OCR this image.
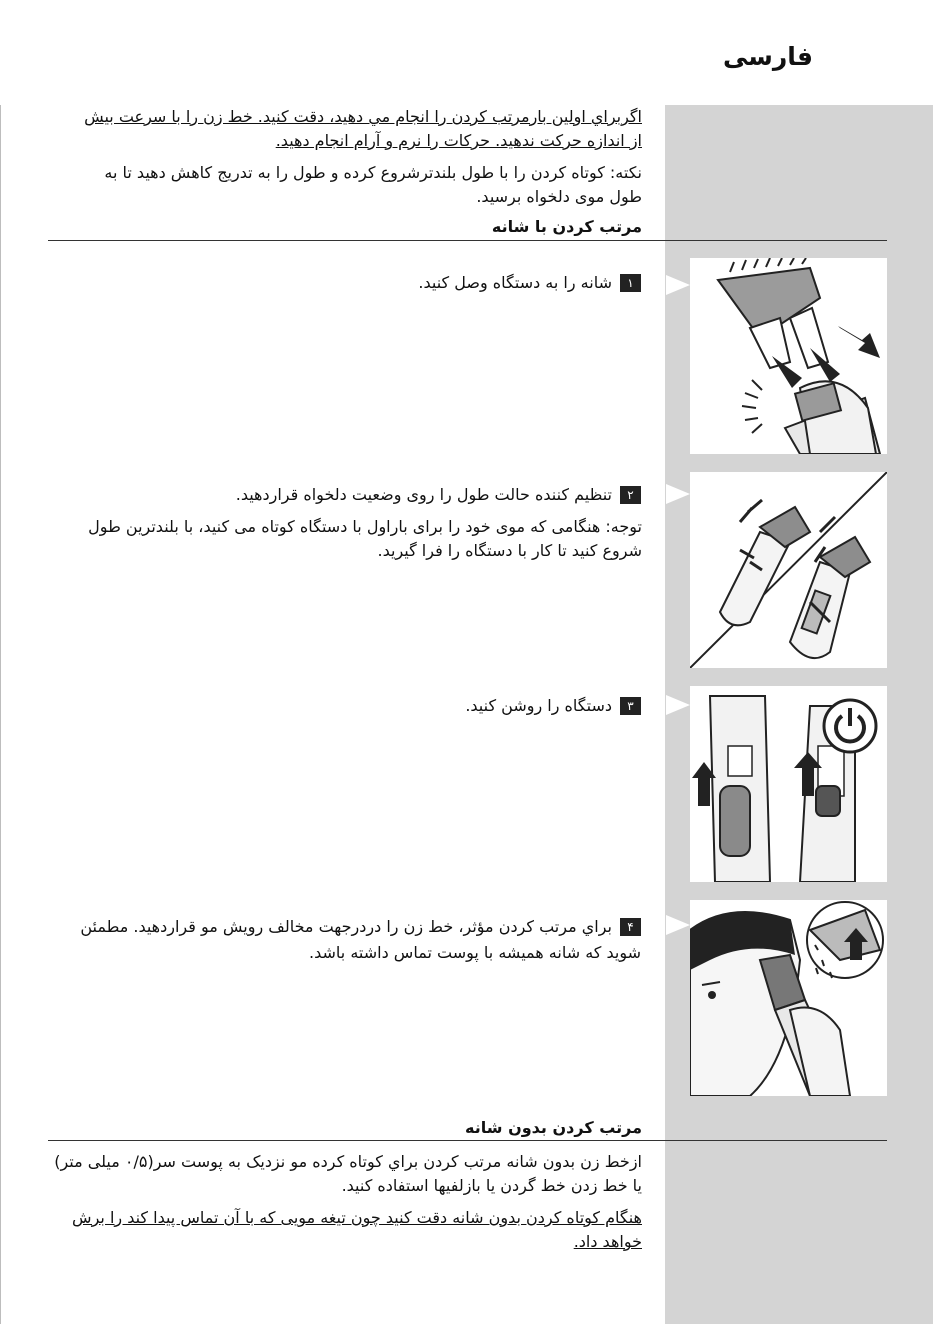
فارسی
اگربراي اولين بارمرتب كردن را انجام مي دهيد، دقت كنيد. خط زن را با سرعت بيش از اندازه حركت ندهيد. حرکات را نرم و آرام انجام دهيد.
نکته: کوتاه کردن را با طول بلندترشروع کرده و طول را به تدریج کاهش دهید تا به طول موی دلخواه برسید.
مرتب كردن با شانه
١شانه را به دستگاه وصل کنید.
٢تنظیم کننده حالت طول را روی وضعیت دلخواه قراردهید.
توجه: هنگامی که موی خود را برای باراول با دستگاه کوتاه می کنید، با بلندترین طول شروع کنید تا کار با دستگاه را فرا گیرید.
٣دستگاه را روشن کنید.
۴براي مرتب كردن مؤثر، خط زن را دردرجهت مخالف رویش مو قراردهید. مطمئن شوید که شانه همیشه با پوست تماس داشته باشد.
مرتب كردن بدون شانه
ازخط زن بدون شانه مرتب كردن براي کوتاه کرده مو نزدیک به پوست سر(٠/۵ میلی متر) یا خط زدن خط گردن یا بازلفیها استفاده کنید.
هنگام کوتاه کردن بدون شانه دقت کنید چون تیغه مویی که با آن تماس پیدا کند را برش خواهد داد.
